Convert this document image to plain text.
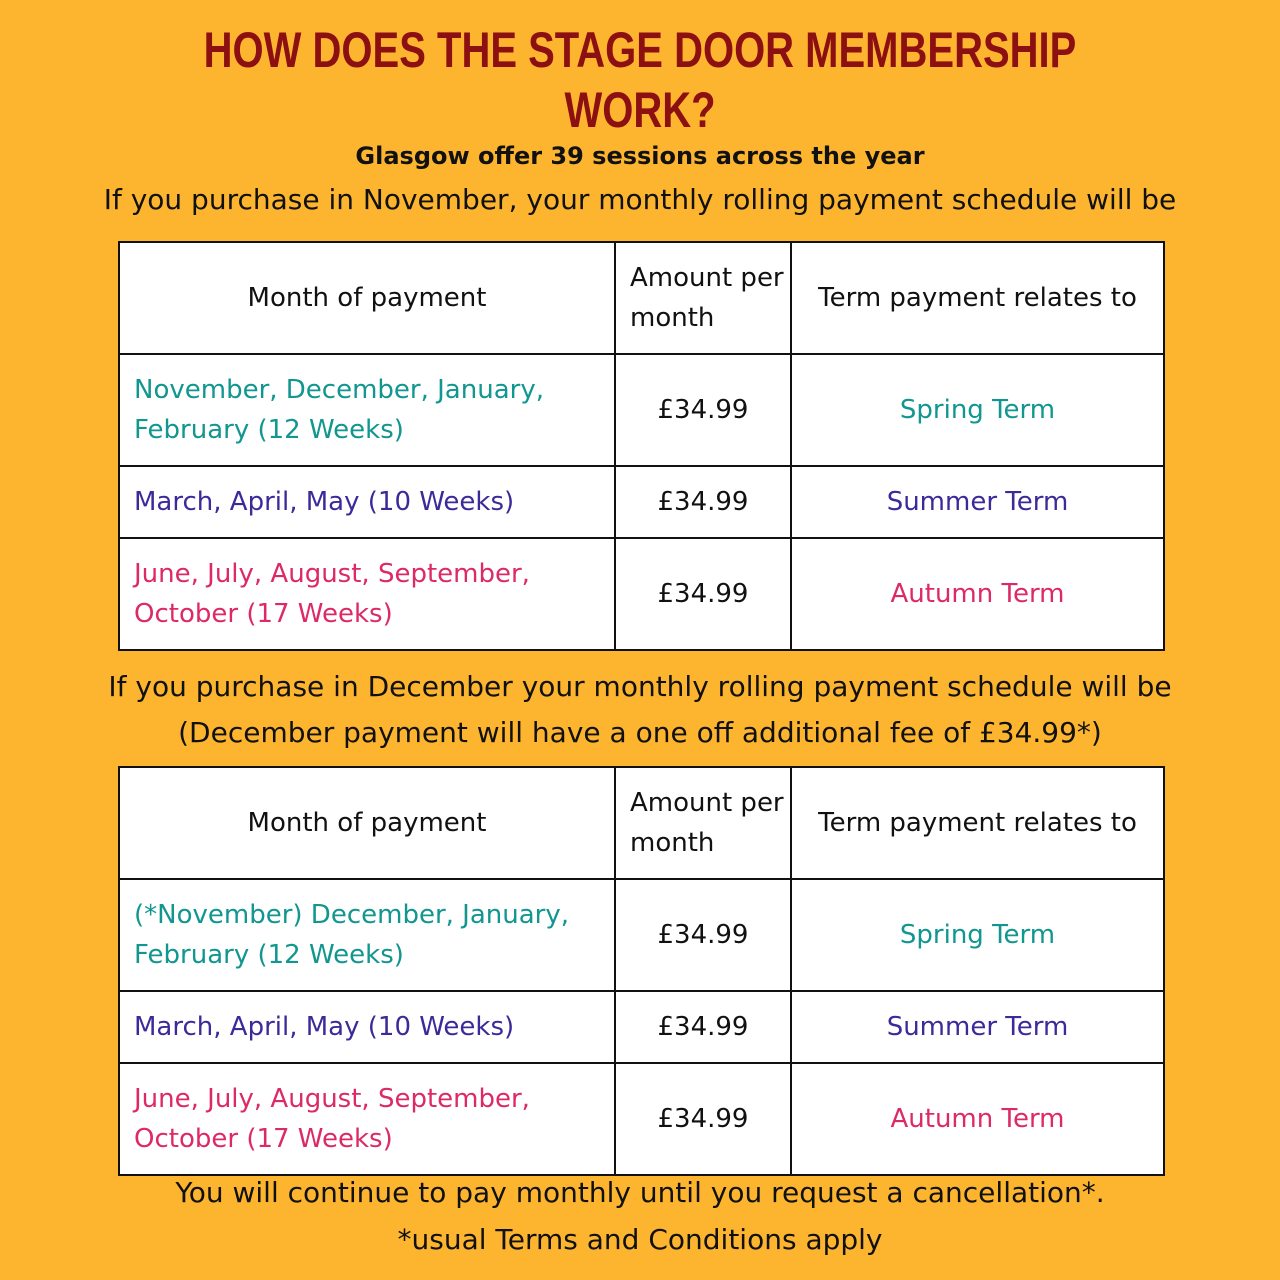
HOW DOES THE STAGE DOOR MEMBERSHIP WORK?
Glasgow offer 39 sessions across the year
If you purchase in November, your monthly rolling payment schedule will be
Month of payment	Amount per month	Term payment relates to
November, December, January, February (12 Weeks)	£34.99	Spring Term
March, April, May (10 Weeks)	£34.99	Summer Term
June, July, August, September, October (17 Weeks)	£34.99	Autumn Term
If you purchase in December your monthly rolling payment schedule will be
(December payment will have a one off additional fee of £34.99*)
Month of payment	Amount per month	Term payment relates to
(*November) December, January, February (12 Weeks)	£34.99	Spring Term
March, April, May (10 Weeks)	£34.99	Summer Term
June, July, August, September, October (17 Weeks)	£34.99	Autumn Term
You will continue to pay monthly until you request a cancellation*.
*usual Terms and Conditions apply
